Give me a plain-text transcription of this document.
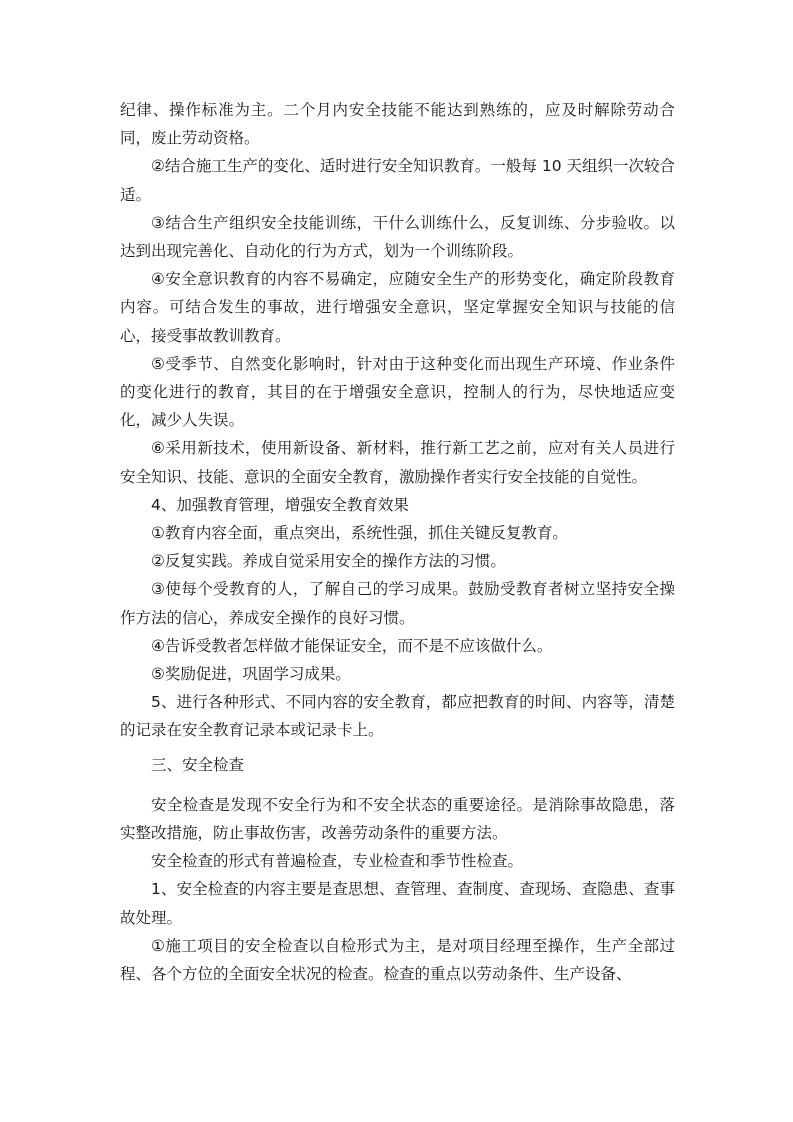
纪律、操作标准为主。二个月内安全技能不能达到熟练的，应及时解除劳动合同，废止劳动资格。

②结合施工生产的变化、适时进行安全知识教育。一般每 10 天组织一次较合适。

③结合生产组织安全技能训练，干什么训练什么，反复训练、分步验收。以达到出现完善化、自动化的行为方式，划为一个训练阶段。

④安全意识教育的内容不易确定，应随安全生产的形势变化，确定阶段教育内容。可结合发生的事故，进行增强安全意识，坚定掌握安全知识与技能的信心，接受事故教训教育。

⑤受季节、自然变化影响时，针对由于这种变化而出现生产环境、作业条件的变化进行的教育，其目的在于增强安全意识，控制人的行为，尽快地适应变化，减少人失误。

⑥采用新技术，使用新设备、新材料，推行新工艺之前，应对有关人员进行安全知识、技能、意识的全面安全教育，激励操作者实行安全技能的自觉性。

4、加强教育管理，增强安全教育效果

①教育内容全面，重点突出，系统性强，抓住关键反复教育。

②反复实践。养成自觉采用安全的操作方法的习惯。

③使每个受教育的人，了解自己的学习成果。鼓励受教育者树立坚持安全操作方法的信心，养成安全操作的良好习惯。

④告诉受教者怎样做才能保证安全，而不是不应该做什么。

⑤奖励促进，巩固学习成果。

5、进行各种形式、不同内容的安全教育，都应把教育的时间、内容等，清楚的记录在安全教育记录本或记录卡上。

三、安全检查

安全检查是发现不安全行为和不安全状态的重要途径。是消除事故隐患，落实整改措施，防止事故伤害，改善劳动条件的重要方法。

安全检查的形式有普遍检查，专业检查和季节性检查。

1、安全检查的内容主要是查思想、查管理、查制度、查现场、查隐患、查事故处理。

①施工项目的安全检查以自检形式为主，是对项目经理至操作，生产全部过程、各个方位的全面安全状况的检查。检查的重点以劳动条件、生产设备、
